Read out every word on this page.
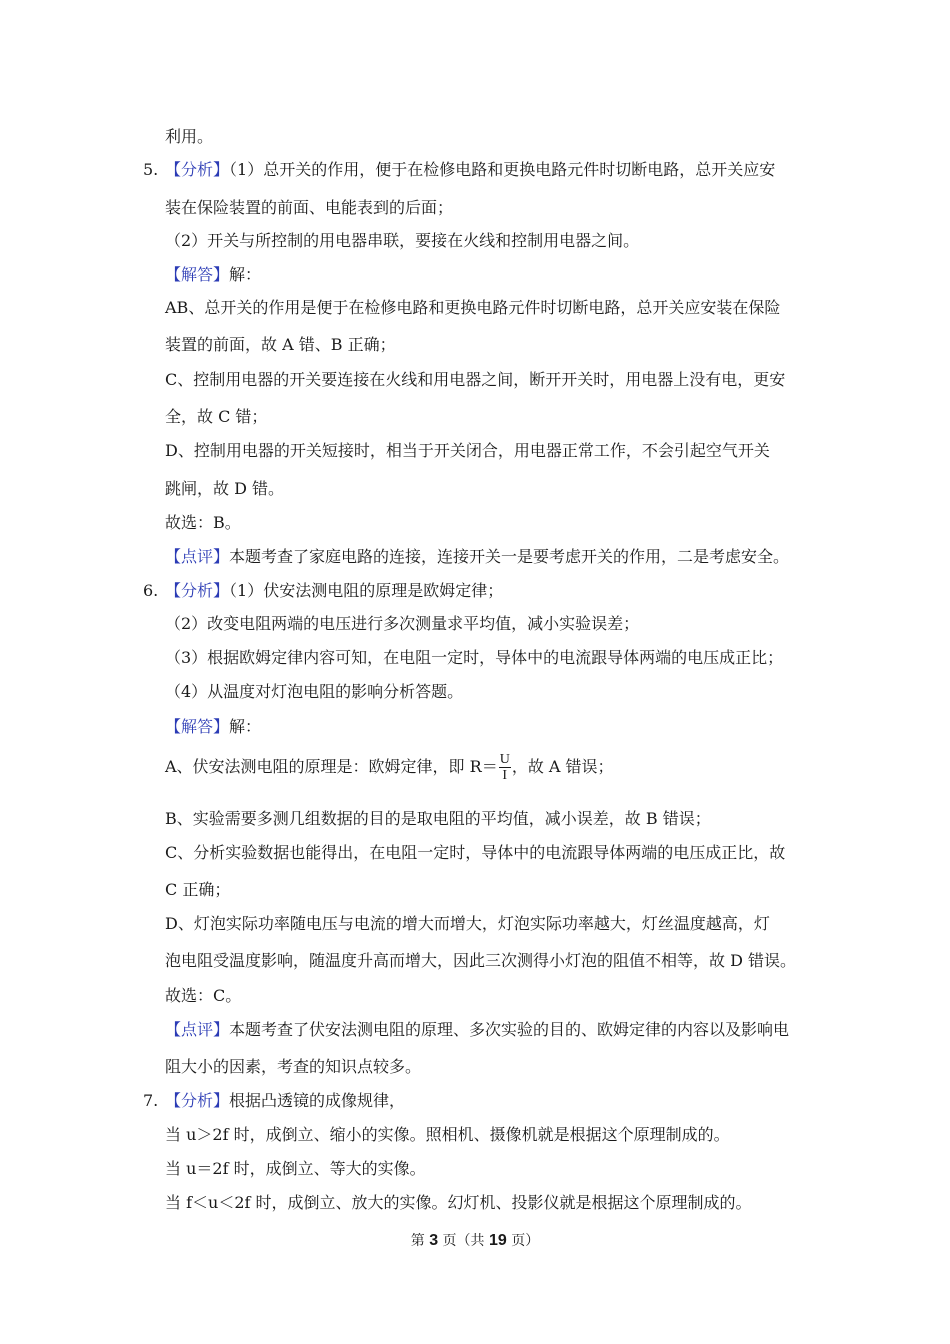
利用。
5. 【分析】（1）总开关的作用，便于在检修电路和更换电路元件时切断电路，总开关应安
装在保险装置的前面、电能表到的后面；
（2）开关与所控制的用电器串联，要接在火线和控制用电器之间。
【解答】解：
AB、总开关的作用是便于在检修电路和更换电路元件时切断电路，总开关应安装在保险
装置的前面，故 A 错、B 正确；
C、控制用电器的开关要连接在火线和用电器之间，断开开关时，用电器上没有电，更安
全，故 C 错；
D、控制用电器的开关短接时，相当于开关闭合，用电器正常工作，不会引起空气开关
跳闸，故 D 错。
故选：B。
【点评】本题考查了家庭电路的连接，连接开关一是要考虑开关的作用，二是考虑安全。
6. 【分析】（1）伏安法测电阻的原理是欧姆定律；
（2）改变电阻两端的电压进行多次测量求平均值，减小实验误差；
（3）根据欧姆定律内容可知，在电阻一定时，导体中的电流跟导体两端的电压成正比；
（4）从温度对灯泡电阻的影响分析答题。
【解答】解：
A、伏安法测电阻的原理是：欧姆定律，即 $R= \frac{U}{I}$ ，故 A 错误；
B、实验需要多测几组数据的目的是取电阻的平均值，减小误差，故 B 错误；
C、分析实验数据也能得出，在电阻一定时，导体中的电流跟导体两端的电压成正比，故
C 正确；
D、灯泡实际功率随电压与电流的增大而增大，灯泡实际功率越大，灯丝温度越高，灯
泡电阻受温度影响，随温度升高而增大，因此三次测得小灯泡的阻值不相等，故 D 错误。
故选：C。
【点评】本题考查了伏安法测电阻的原理、多次实验的目的、欧姆定律的内容以及影响电
阻大小的因素，考查的知识点较多。
7. 【分析】根据凸透镜的成像规律，
当 u＞2f 时，成倒立、缩小的实像。照相机、摄像机就是根据这个原理制成的。
当 u＝2f 时，成倒立、等大的实像。
当 f＜u＜2f 时，成倒立、放大的实像。幻灯机、投影仪就是根据这个原理制成的。
第 3 页（共 19 页）
